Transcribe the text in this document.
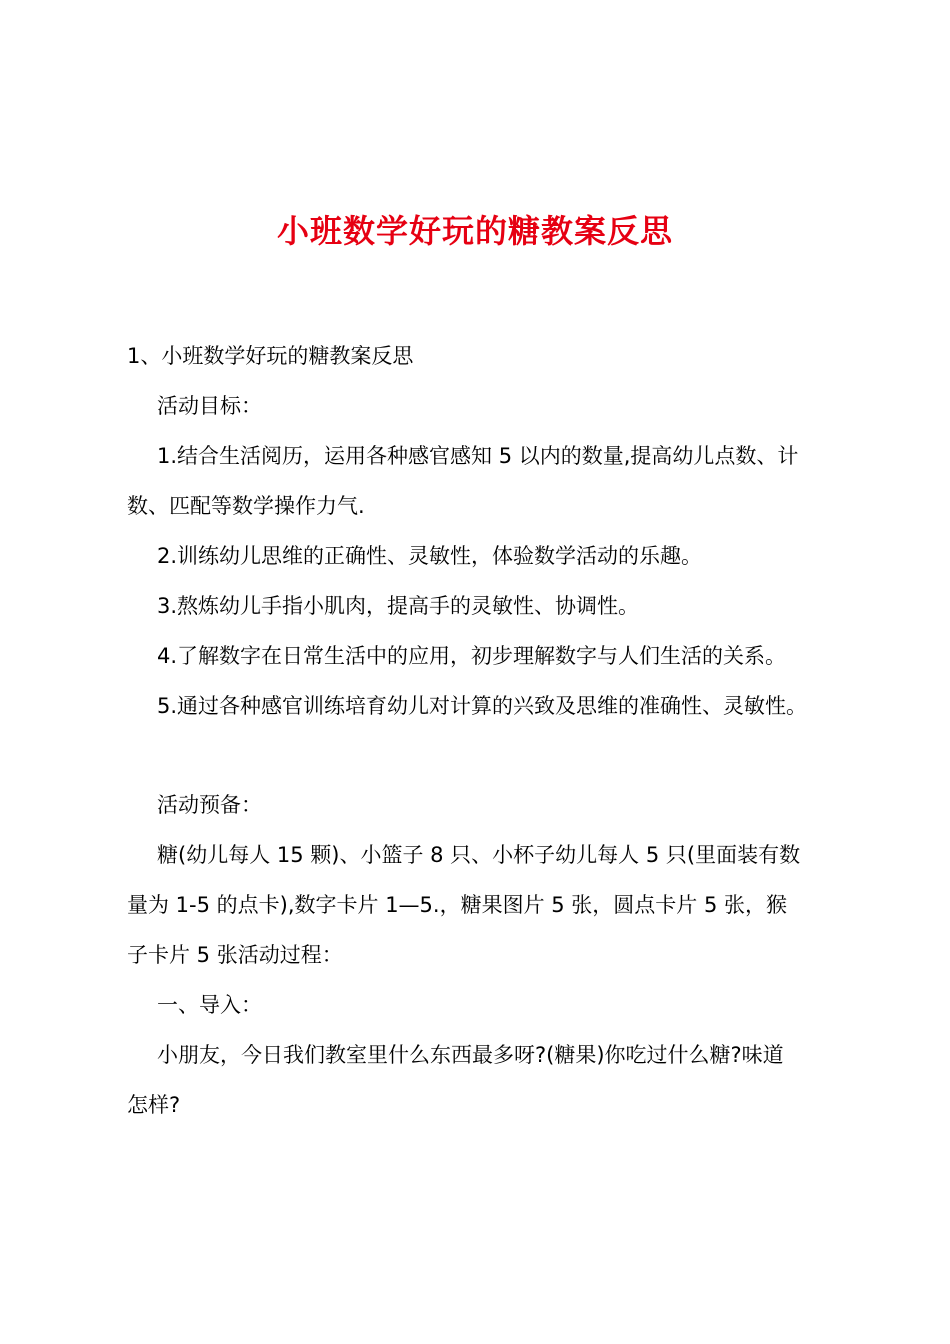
小班数学好玩的糖教案反思
1、小班数学好玩的糖教案反思
活动目标：
1.结合生活阅历，运用各种感官感知 5 以内的数量,提高幼儿点数、计
数、匹配等数学操作力气.
2.训练幼儿思维的正确性、灵敏性，体验数学活动的乐趣。
3.熬炼幼儿手指小肌肉，提高手的灵敏性、协调性。
4.了解数字在日常生活中的应用，初步理解数字与人们生活的关系。
5.通过各种感官训练培育幼儿对计算的兴致及思维的准确性、灵敏性。
活动预备：
糖(幼儿每人 15 颗)、小篮子 8 只、小杯子幼儿每人 5 只(里面装有数
量为 1-5 的点卡),数字卡片 1—5.，糖果图片 5 张，圆点卡片 5 张，猴
子卡片 5 张活动过程：
一、导入：
小朋友，今日我们教室里什么东西最多呀?(糖果)你吃过什么糖?味道
怎样?
